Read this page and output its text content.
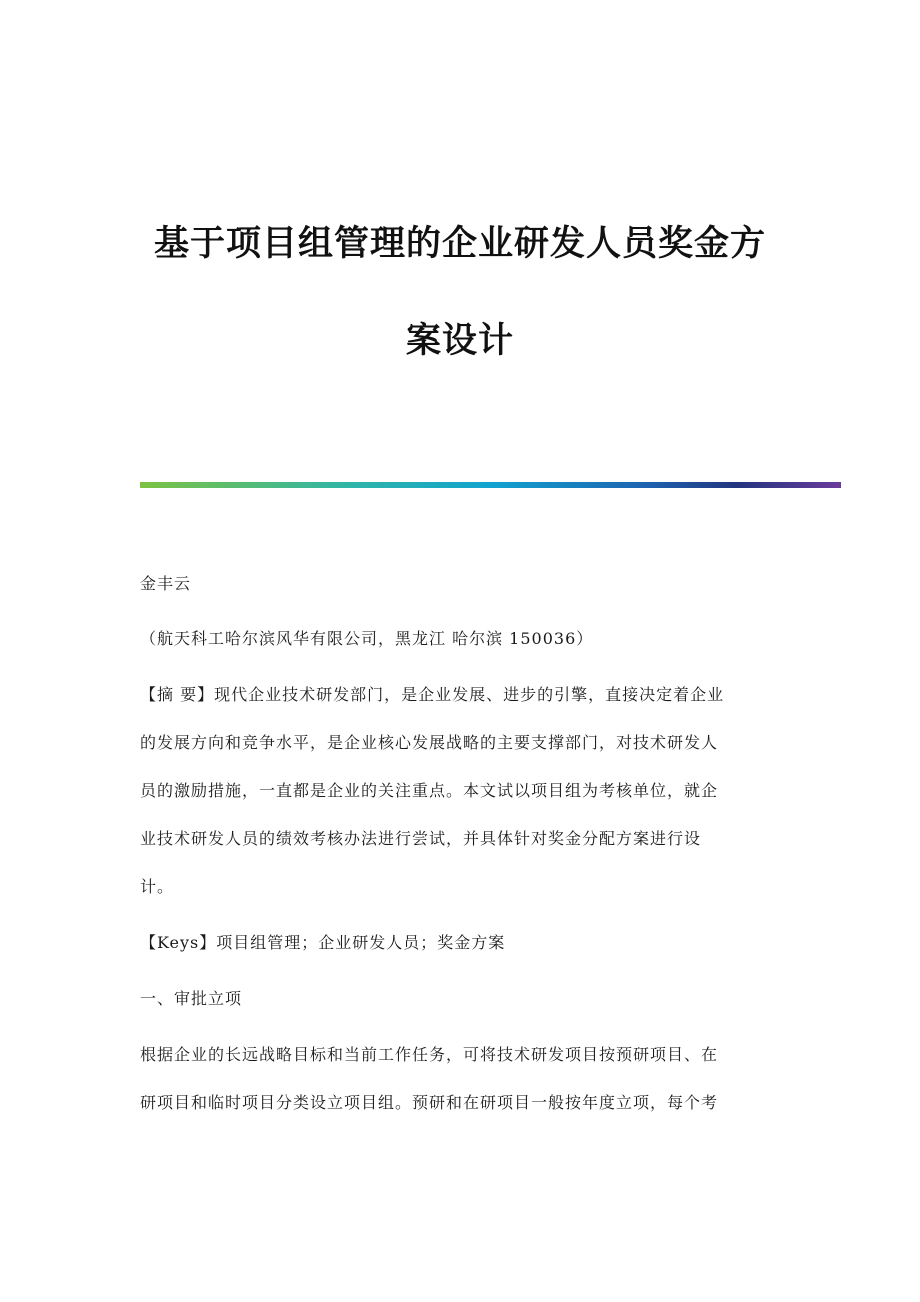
基于项目组管理的企业研发人员奖金方
案设计
金丰云
（航天科工哈尔滨风华有限公司，黑龙江 哈尔滨 150036）
【摘 要】现代企业技术研发部门，是企业发展、进步的引擎，直接决定着企业
的发展方向和竞争水平，是企业核心发展战略的主要支撑部门，对技术研发人
员的激励措施，一直都是企业的关注重点。本文试以项目组为考核单位，就企
业技术研发人员的绩效考核办法进行尝试，并具体针对奖金分配方案进行设
计。
【Keys】项目组管理；企业研发人员；奖金方案
一、审批立项
根据企业的长远战略目标和当前工作任务，可将技术研发项目按预研项目、在
研项目和临时项目分类设立项目组。预研和在研项目一般按年度立项，每个考
